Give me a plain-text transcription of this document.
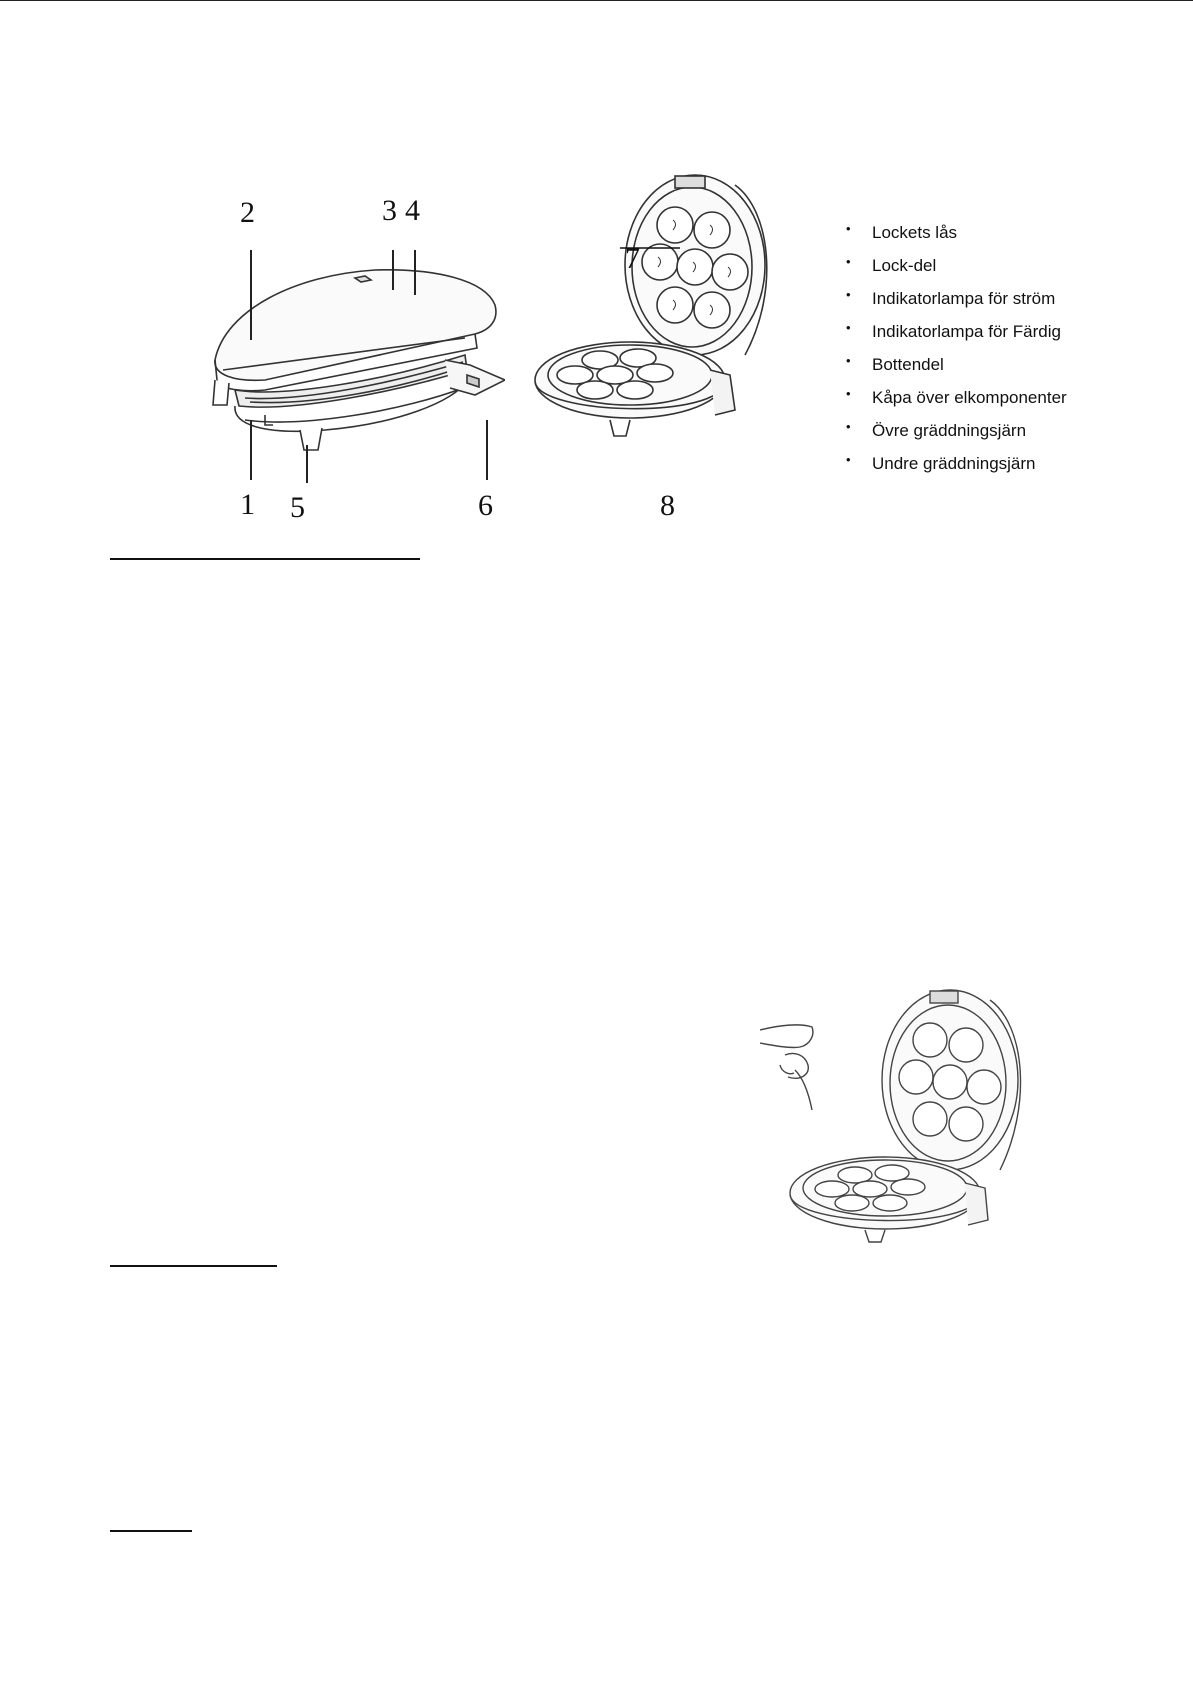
2	3 4
7
1 5	6	8
• Lockets lås
• Lock-del
• Indikatorlampa för ström
• Indikatorlampa för Färdig
• Bottendel
• Kåpa över elkomponenter
• Övre gräddningsjärn
• Undre gräddningsjärn
